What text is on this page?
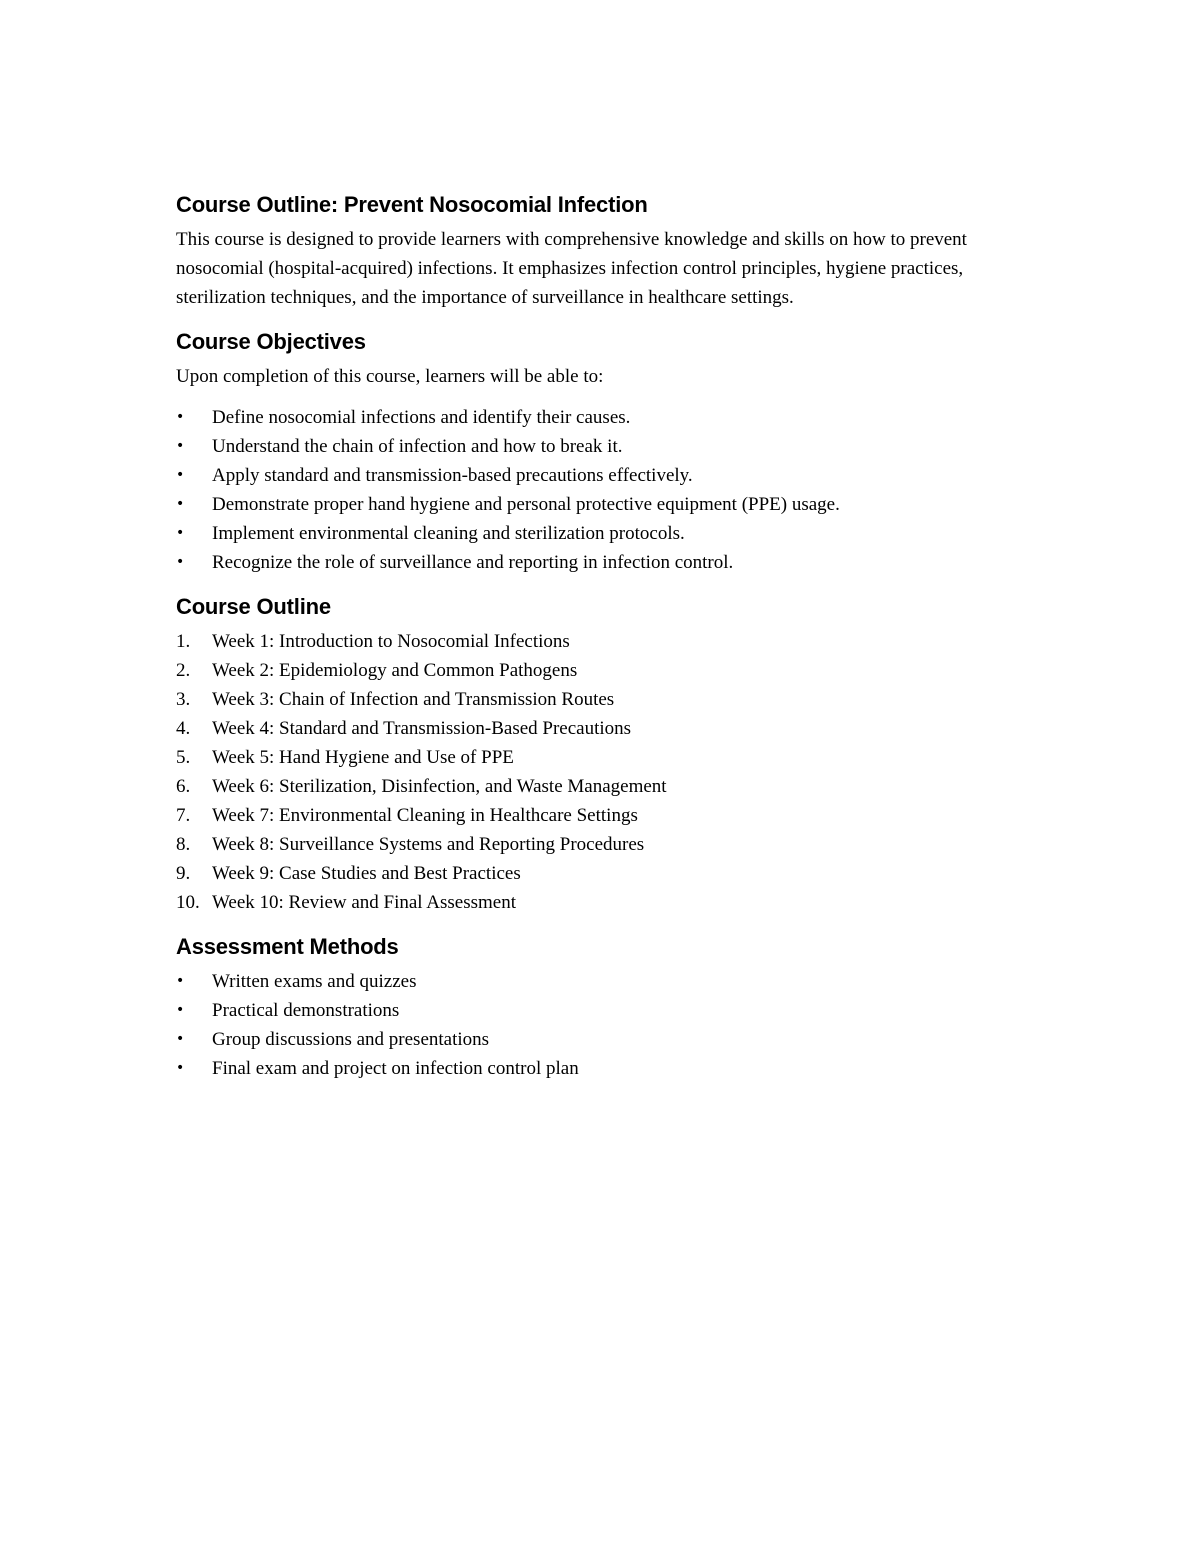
Course Outline: Prevent Nosocomial Infection

This course is designed to provide learners with comprehensive knowledge and skills on how to prevent nosocomial (hospital-acquired) infections. It emphasizes infection control principles, hygiene practices, sterilization techniques, and the importance of surveillance in healthcare settings.

Course Objectives

Upon completion of this course, learners will be able to:

•	Define nosocomial infections and identify their causes.
•	Understand the chain of infection and how to break it.
•	Apply standard and transmission-based precautions effectively.
•	Demonstrate proper hand hygiene and personal protective equipment (PPE) usage.
•	Implement environmental cleaning and sterilization protocols.
•	Recognize the role of surveillance and reporting in infection control.
Course Outline
1. Week 1: Introduction to Nosocomial Infections
2. Week 2: Epidemiology and Common Pathogens
3. Week 3: Chain of Infection and Transmission Routes
4. Week 4: Standard and Transmission-Based Precautions
5. Week 5: Hand Hygiene and Use of PPE
6. Week 6: Sterilization, Disinfection, and Waste Management
7. Week 7: Environmental Cleaning in Healthcare Settings
8. Week 8: Surveillance Systems and Reporting Procedures
9. Week 9: Case Studies and Best Practices
10. Week 10: Review and Final Assessment
Assessment Methods
•	Written exams and quizzes
•	Practical demonstrations
•	Group discussions and presentations
•	Final exam and project on infection control plan
